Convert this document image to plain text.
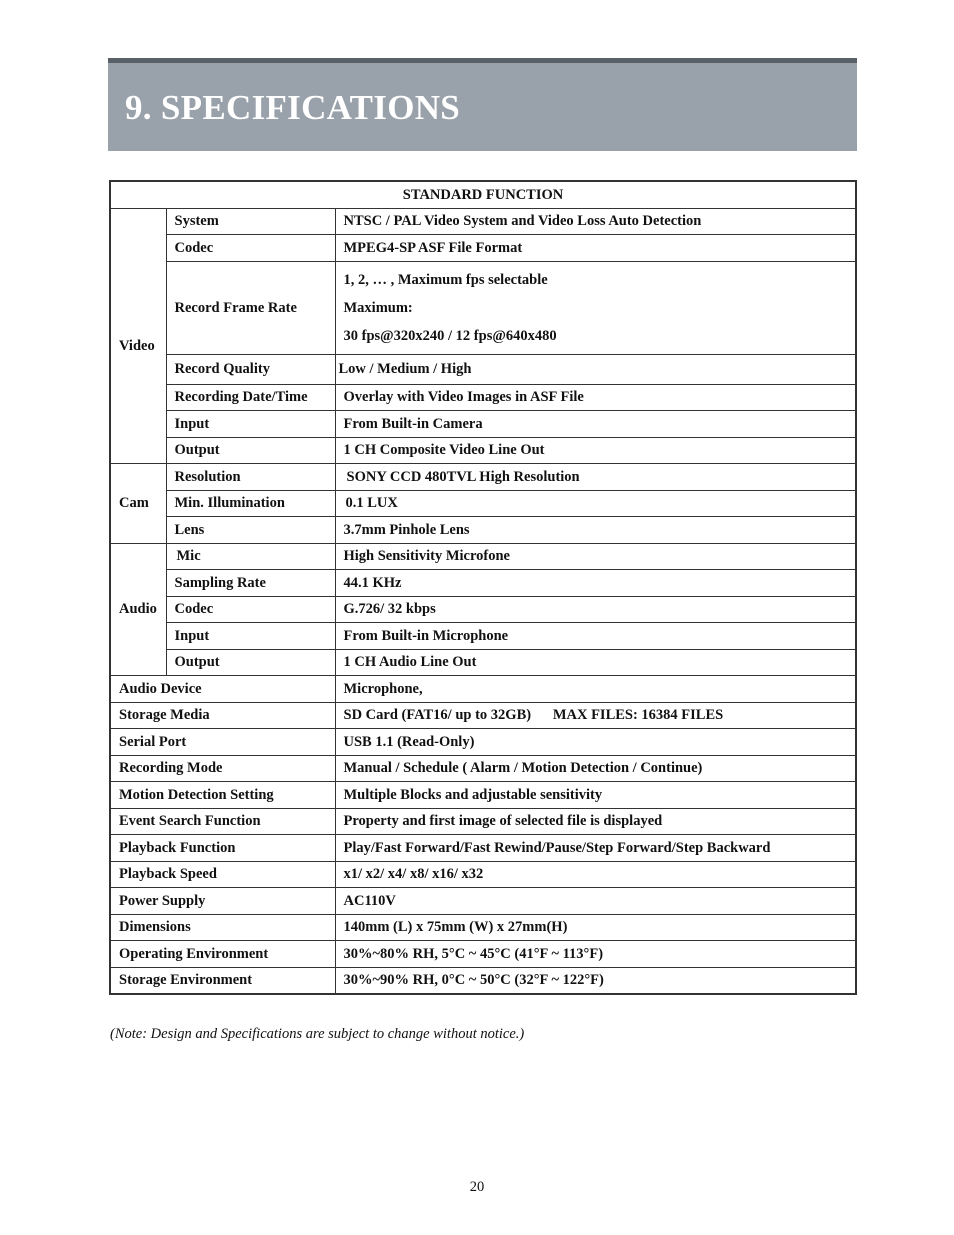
9. SPECIFICATIONS
STANDARD FUNCTION		
Video	System	NTSC / PAL Video System and Video Loss Auto Detection
	Codec	MPEG4-SP ASF File Format
	Record Frame Rate	1, 2, … , Maximum fps selectable
Maximum:
30 fps@320x240 / 12 fps@640x480

	Record Quality	Low / Medium / High
	Recording Date/Time	Overlay with Video Images in ASF File
	Input	From Built-in Camera
	Output	1 CH Composite Video Line Out
Cam	Resolution	SONY CCD 480TVL High Resolution
	Min. Illumination	0.1 LUX
	Lens	3.7mm Pinhole Lens
Audio	Mic	High Sensitivity Microfone
	Sampling Rate	44.1 KHz
	Codec	G.726/ 32 kbps
	Input	From Built-in Microphone
	Output	1 CH Audio Line Out
Audio Device		Microphone,
Storage Media		SD Card (FAT16/ up to 32GB)      MAX FILES: 16384 FILES
Serial Port		USB 1.1 (Read-Only)
Recording Mode		Manual / Schedule ( Alarm / Motion Detection / Continue)
Motion Detection Setting		Multiple Blocks and adjustable sensitivity
Event Search Function		Property and first image of selected file is displayed
Playback Function		Play/Fast Forward/Fast Rewind/Pause/Step Forward/Step Backward
Playback Speed		x1/ x2/ x4/ x8/ x16/ x32
Power Supply		AC110V
Dimensions		140mm (L) x 75mm (W) x 27mm(H)
Operating Environment		30%~80% RH, 5°C ~ 45°C (41°F ~ 113°F)
Storage Environment		30%~90% RH, 0°C ~ 50°C (32°F ~ 122°F)
(Note: Design and Specifications are subject to change without notice.)
20
